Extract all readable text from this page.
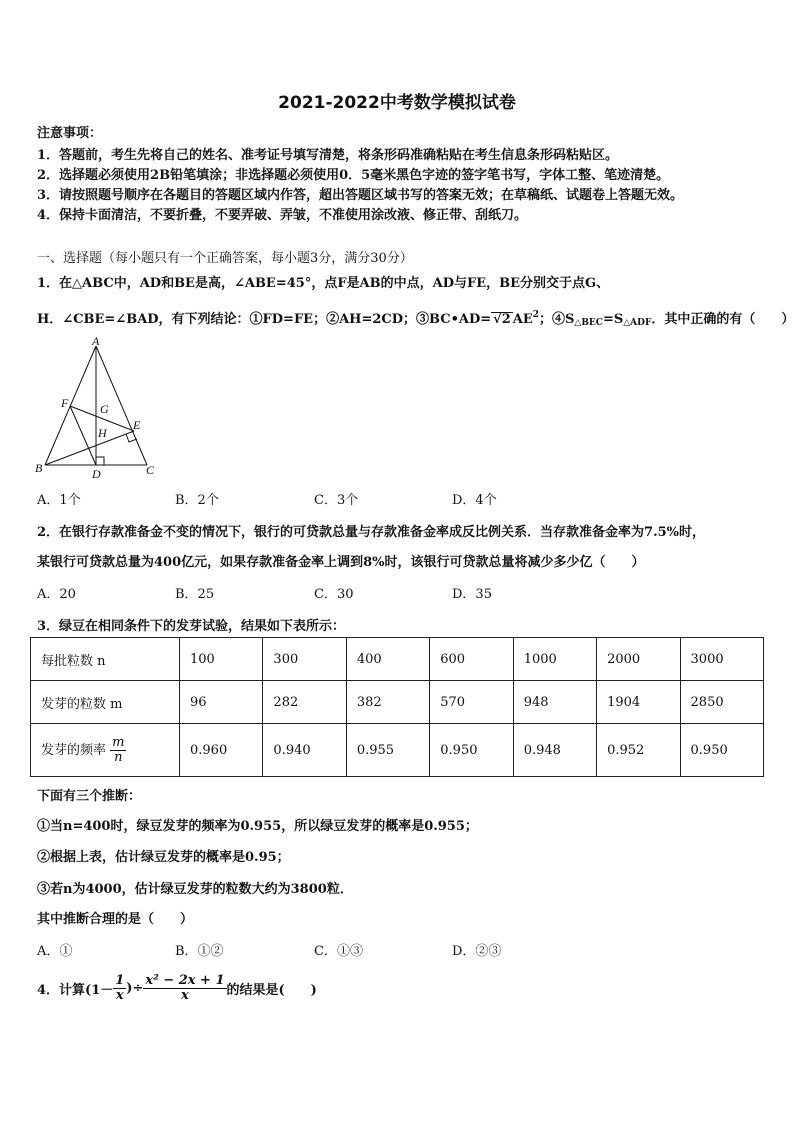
2021-2022中考数学模拟试卷
注意事项：
1．答题前，考生先将自己的姓名、准考证号填写清楚，将条形码准确粘贴在考生信息条形码粘贴区。
2．选择题必须使用2B铅笔填涂；非选择题必须使用0．5毫米黑色字迹的签字笔书写，字体工整、笔迹清楚。
3．请按照题号顺序在各题目的答题区域内作答，超出答题区域书写的答案无效；在草稿纸、试题卷上答题无效。
4．保持卡面清洁，不要折叠，不要弄破、弄皱，不准使用涂改液、修正带、刮纸刀。
一、选择题（每小题只有一个正确答案，每小题3分，满分30分）
1．在△ABC中，AD和BE是高，∠ABE=45°，点F是AB的中点，AD与FE，BE分别交于点G、
H．∠CBE=∠BAD，有下列结论：①FD=FE；②AH=2CD；③BC•AD= √2 $AE^2$；$④S_{\triangle BEC}=S_{\triangle ADF}$．其中正确的有（　　）
A
B	C
D
E
F	G
H
A．1个	B．2个	C．3个	D．4个
2．在银行存款准备金不变的情况下，银行的可贷款总量与存款准备金率成反比例关系．当存款准备金率为7.5%时，
某银行可贷款总量为400亿元，如果存款准备金率上调到8%时，该银行可贷款总量将减少多少亿（　　）
A．20	B．25	C．30	D．35
3．绿豆在相同条件下的发芽试验，结果如下表所示：
每批粒数 n	100	300	400	600	1000	2000	3000
发芽的粒数 m	96	282	382	570	948	1904	2850
发芽的频率 $\frac{m}{n}$	0.960	0.940	0.955	0.950	0.948	0.952	0.950
下面有三个推断：
①当n=400时，绿豆发芽的频率为0.955，所以绿豆发芽的概率是0.955；
②根据上表，估计绿豆发芽的概率是0.95；
③若n为4000，估计绿豆发芽的粒数大约为3800粒．
其中推断合理的是（　　）
A．①	B．①②	C．①③	D．②③
4．计算($1- \frac{1}{x}$ )÷ $\frac{\text{x² − 2x + 1}}{x}$ 的结果是(　　)
